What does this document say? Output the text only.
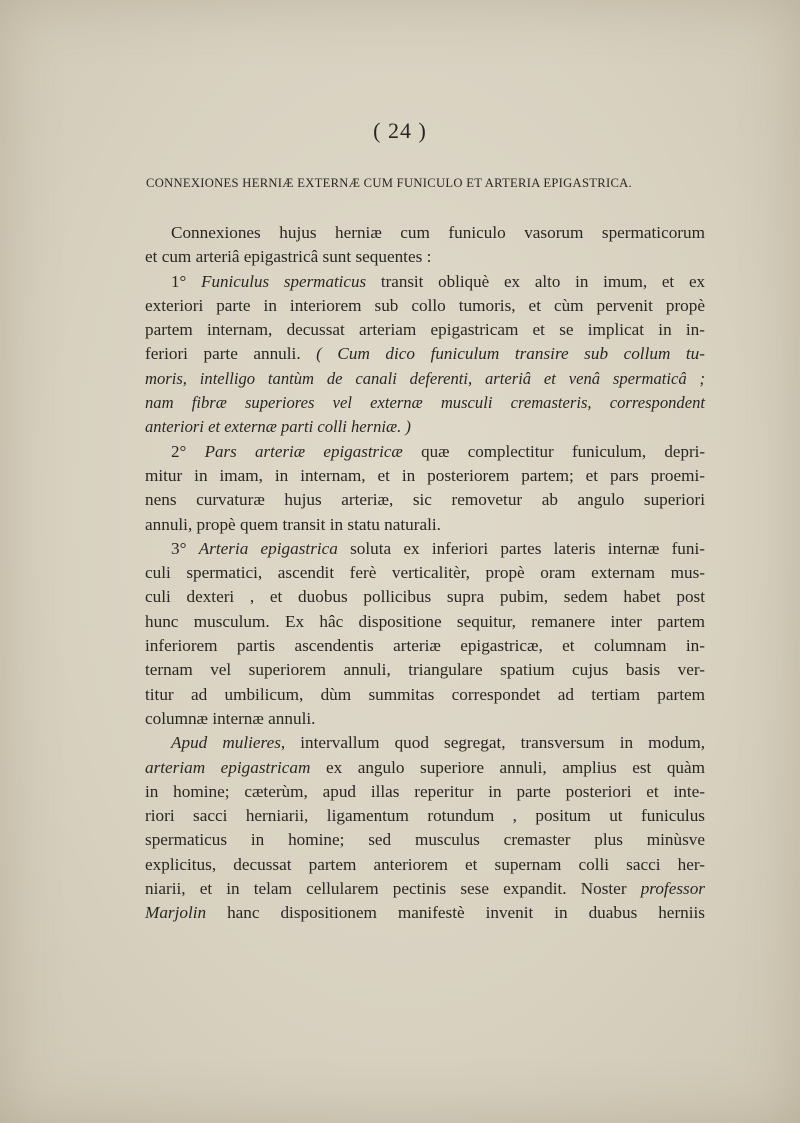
( 24 )
CONNEXIONES HERNIÆ EXTERNÆ CUM FUNICULO ET ARTERIA EPIGASTRICA.
Connexiones hujus herniæ cum funiculo vasorum spermaticorum
et cum arteriâ epigastricâ sunt sequentes :
1° Funiculus spermaticus transit obliquè ex alto in imum, et ex
exteriori parte in interiorem sub collo tumoris, et cùm pervenit propè
partem internam, decussat arteriam epigastricam et se implicat in in-
feriori parte annuli. ( Cum dico funiculum transire sub collum tu-
moris, intelligo tantùm de canali deferenti, arteriâ et venâ spermaticâ ;
nam fibræ superiores vel externæ musculi cremasteris, correspondent
anteriori et externæ parti colli herniæ. )
2° Pars arteriæ epigastricæ quæ complectitur funiculum, depri-
mitur in imam, in internam, et in posteriorem partem; et pars proemi-
nens curvaturæ hujus arteriæ, sic removetur ab angulo superiori
annuli, propè quem transit in statu naturali.
3° Arteria epigastrica soluta ex inferiori partes lateris internæ funi-
culi spermatici, ascendit ferè verticalitèr, propè oram externam mus-
culi dexteri , et duobus pollicibus supra pubim, sedem habet post
hunc musculum. Ex hâc dispositione sequitur, remanere inter partem
inferiorem partis ascendentis arteriæ epigastricæ, et columnam in-
ternam vel superiorem annuli, triangulare spatium cujus basis ver-
titur ad umbilicum, dùm summitas correspondet ad tertiam partem
columnæ internæ annuli.
Apud mulieres, intervallum quod segregat, transversum in modum,
arteriam epigastricam ex angulo superiore annuli, amplius est quàm
in homine; cæterùm, apud illas reperitur in parte posteriori et inte-
riori sacci herniarii, ligamentum rotundum , positum ut funiculus
spermaticus in homine; sed musculus cremaster plus minùsve
explicitus, decussat partem anteriorem et supernam colli sacci her-
niarii, et in telam cellularem pectinis sese expandit. Noster professor
Marjolin hanc dispositionem manifestè invenit in duabus herniis
